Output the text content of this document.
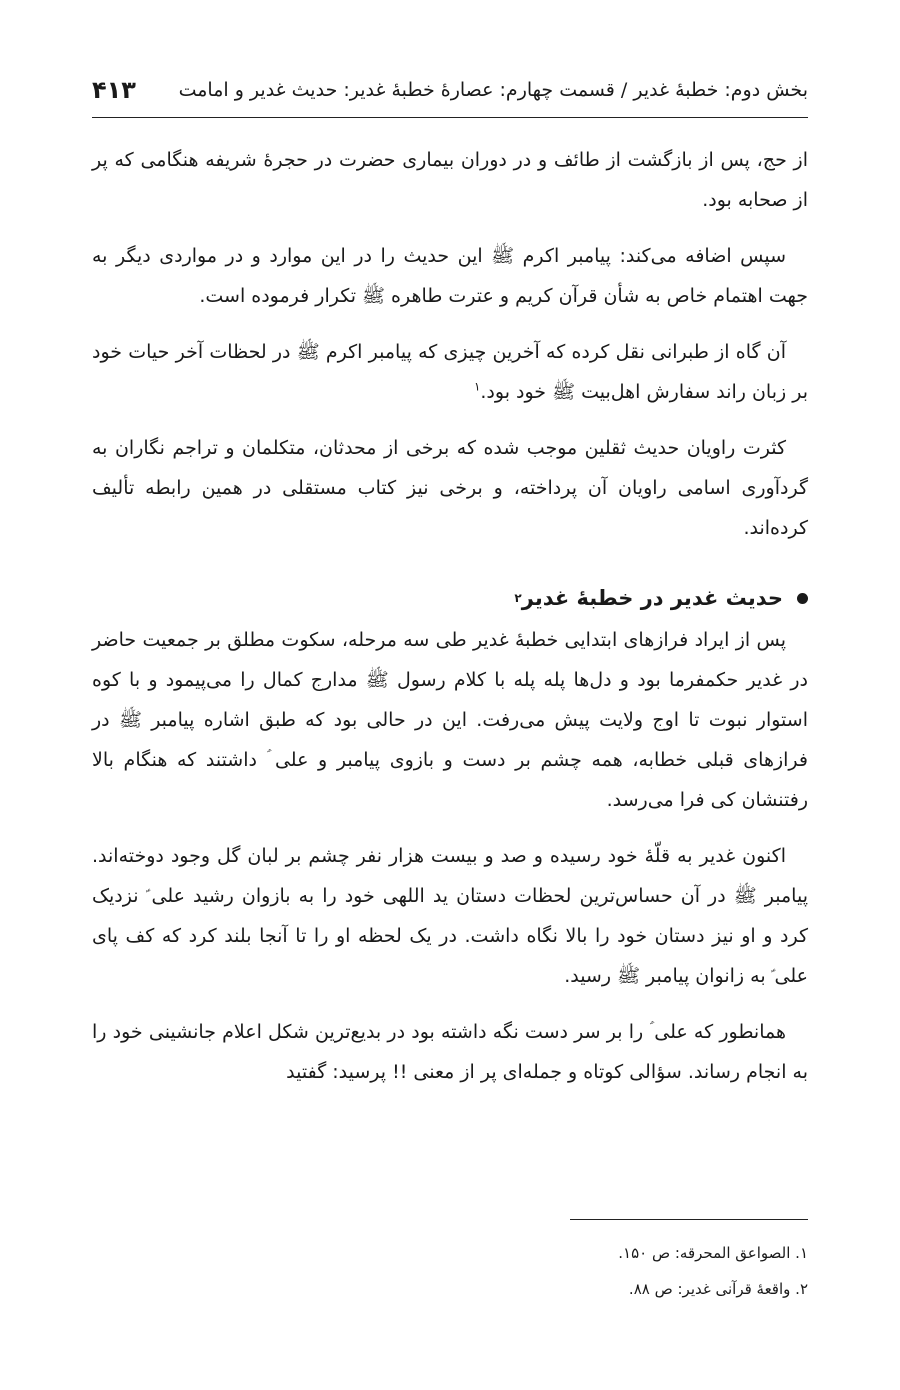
بخش دوم: خطبهٔ غدیر / قسمت چهارم: عصارهٔ خطبهٔ غدیر: حدیث غدیر و امامت
۴۱۳

از حج، پس از بازگشت از طائف و در دوران بیماری حضرت در حجرهٔ شریفه هنگامی که پر از صحابه بود.

سپس اضافه می‌کند: پیامبر اکرم ﷺ این حدیث را در این موارد و در مواردی دیگر به جهت اهتمام خاص به شأن قرآن کریم و عترت طاهره ﷺ تکرار فرموده است.

آن گاه از طبرانی نقل کرده که آخرین چیزی که پیامبر اکرم ﷺ در لحظات آخر حیات خود بر زبان راند سفارش اهل‌بیت ﷺ خود بود.$^۱$

کثرت راویان حدیث ثقلین موجب شده که برخی از محدثان، متکلمان و تراجم نگاران به گردآوری اسامی راویان آن پرداخته، و برخی نیز کتاب مستقلی در همین رابطه تألیف کرده‌اند.

حدیث غدیر در خطبهٔ غدیر
۲

پس از ایراد فرازهای ابتدایی خطبهٔ غدیر طی سه مرحله، سکوت مطلق بر جمعیت حاضر در غدیر حکمفرما بود و دل‌ها پله پله با کلام رسول ﷺ مدارج کمال را می‌پیمود و با کوه استوار نبوت تا اوج ولایت پیش می‌رفت. این در حالی بود که طبق اشاره پیامبر ﷺ در فرازهای قبلی خطابه، همه چشم بر دست و بازوی پیامبر و علی ؑ داشتند که هنگام بالا رفتنشان کی فرا می‌رسد.

اکنون غدیر به قلّهٔ خود رسیده و صد و بیست هزار نفر چشم بر لبان گل وجود دوخته‌اند. پیامبر ﷺ در آن حساس‌ترین لحظات دستان ید اللهی خود را به بازوان رشید علی ؑ نزدیک کرد و او نیز دستان خود را بالا نگاه داشت. در یک لحظه او را تا آنجا بلند کرد که کف پای علی ؑ به زانوان پیامبر ﷺ رسید.

همانطور که علی ؑ را بر سر دست نگه داشته بود در بدیع‌ترین شکل اعلام جانشینی خود را به انجام رساند. سؤالی کوتاه و جمله‌ای پر از معنی !! پرسید: گفتید

۱. الصواعق المحرقه: ص ۱۵۰.

۲. واقعهٔ قرآنی غدیر: ص ۸۸.
